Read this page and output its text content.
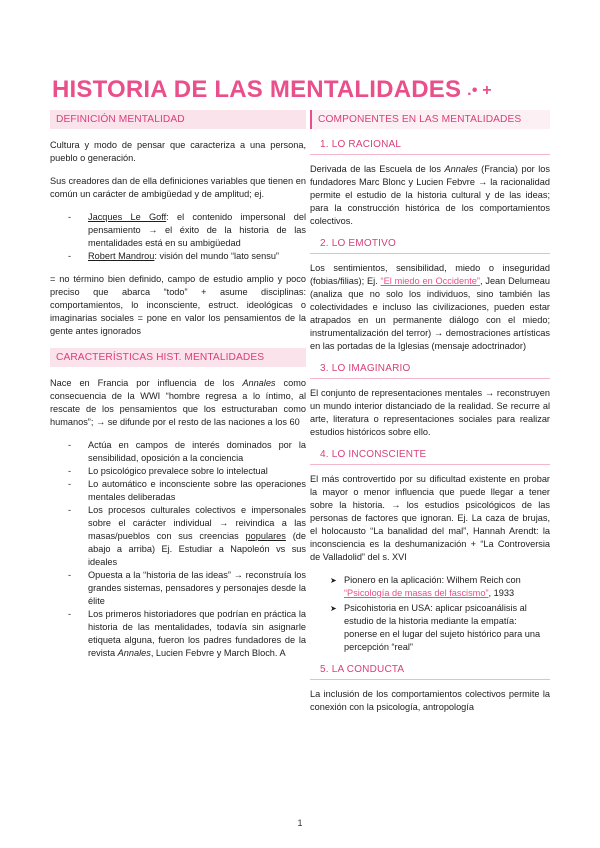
HISTORIA DE LAS MENTALIDADES .• +
DEFINICIÓN MENTALIDAD

Cultura y modo de pensar que caracteriza a una persona, pueblo o generación.

Sus creadores dan de ella definiciones variables que tienen en común un carácter de ambigüedad y de amplitud; ej.

- Jacques Le Goff: el contenido impersonal del pensamiento → el éxito de la historia de las mentalidades está en su ambigüedad
- Robert Mandrou: visión del mundo “lato sensu”

= no término bien definido, campo de estudio amplio y poco preciso que abarca “todo” + asume disciplinas: comportamientos, lo inconsciente, estruct. ideológicas o imaginarias sociales = pone en valor los pensamientos de la gente antes ignorados

CARACTERÍSTICAS HIST. MENTALIDADES

Nace en Francia por influencia de los Annales como consecuencia de la WWI “hombre regresa a lo íntimo, al rescate de los pensamientos que los estructuraban como humanos”; → se difunde por el resto de las naciones a los 60

- Actúa en campos de interés dominados por la sensibilidad, oposición a la conciencia
- Lo psicológico prevalece sobre lo intelectual
- Lo automático e inconsciente sobre las operaciones mentales deliberadas
- Los procesos culturales colectivos e impersonales sobre el carácter individual → reivindica a las masas/pueblos con sus creencias populares (de abajo a arriba) Ej. Estudiar a Napoleón vs sus ideales
- Opuesta a la “historia de las ideas” → reconstruía los grandes sistemas, pensadores y personajes desde la élite
- Los primeros historiadores que podrían en práctica la historia de las mentalidades, todavía sin asignarle etiqueta alguna, fueron los padres fundadores de la revista Annales, Lucien Febvre y March Bloch. A
COMPONENTES EN LAS MENTALIDADES
1. LO RACIONAL

Derivada de las Escuela de los Annales (Francia) por los fundadores Marc Blonc y Lucien Febvre → la racionalidad permite el estudio de la historia cultural y de las ideas; para la construcción histórica de los comportamientos colectivos.

2. LO EMOTIVO

Los sentimientos, sensibilidad, miedo o inseguridad (fobias/filias); Ej. “El miedo en Occidente”, Jean Delumeau (analiza que no solo los individuos, sino también las colectividades e incluso las civilizaciones, pueden estar atrapados en un permanente diálogo con el miedo; instrumentalización del terror) → demostraciones artísticas en las portadas de la Iglesias (mensaje adoctrinador)

3. LO IMAGINARIO

El conjunto de representaciones mentales → reconstruyen un mundo interior distanciado de la realidad. Se recurre al arte, literatura o representaciones sociales para realizar estudios históricos sobre ello.

4. LO INCONSCIENTE

El más controvertido por su dificultad existente en probar la mayor o menor influencia que puede llegar a tener sobre la historia. → los estudios psicológicos de las personas de factores que ignoran. Ej. La caza de brujas, el holocausto “La banalidad del mal”, Hannah Arendt: la inconsciencia es la deshumanización + “La Controversia de Valladolid” del s. XVI

➤ Pionero en la aplicación: Wilhem Reich con “Psicología de masas del fascismo”, 1933
➤ Psicohistoria en USA: aplicar psicoanálisis al estudio de la historia mediante la empatía: ponerse en el lugar del sujeto histórico para una percepción “real”
5. LA CONDUCTA

La inclusión de los comportamientos colectivos permite la conexión con la psicología, antropología

1
